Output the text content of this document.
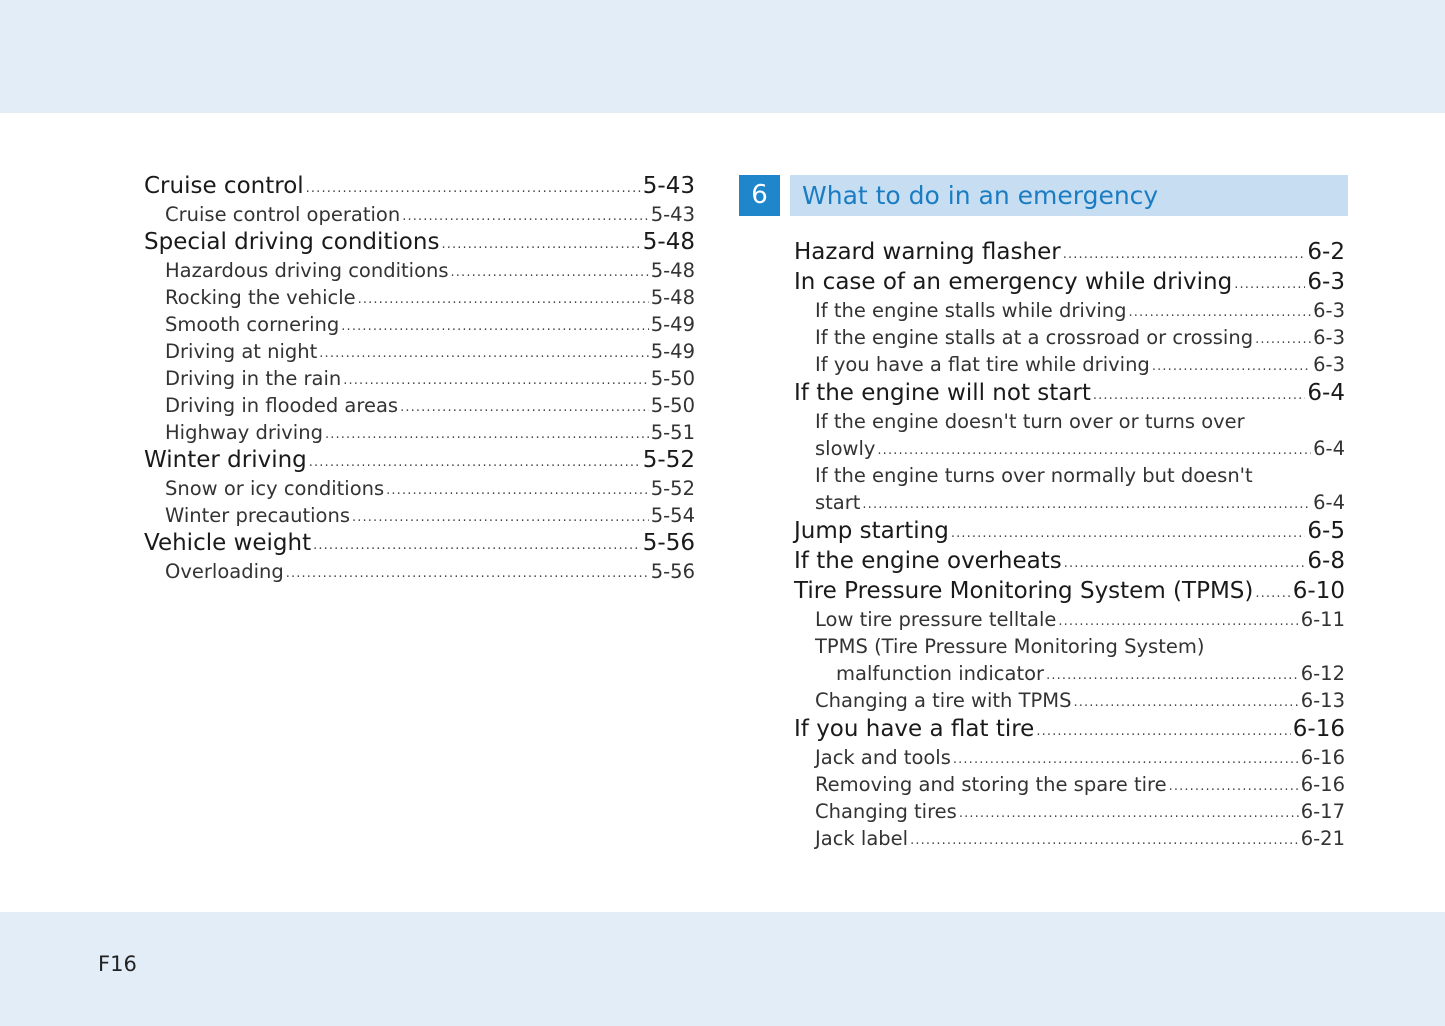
Cruise control . . .	5-43
Cruise control operation . . .	5-43
Special driving conditions . . .	5-48
Hazardous driving conditions . . .	5-48
Rocking the vehicle . . .	5-48
Smooth cornering . . .	5-49
Driving at night . . .	5-49
Driving in the rain . . .	5-50
Driving in flooded areas . . .	5-50
Highway driving . . .	5-51
Winter driving . . .	5-52
Snow or icy conditions . . .	5-52
Winter precautions . . .	5-54
Vehicle weight . . .	5-56
Overloading . . .	5-56
6	What to do in an emergency
Hazard warning flasher . . .	6-2
In case of an emergency while driving . . .	6-3
If the engine stalls while driving . . .	6-3
If the engine stalls at a crossroad or crossing . . .	6-3
If you have a flat tire while driving . . .	6-3
If the engine will not start . . .	6-4
If the engine doesn't turn over or turns over
slowly . . .	6-4
If the engine turns over normally but doesn't
start . . .	6-4
Jump starting . . .	6-5
If the engine overheats . . .	6-8
Tire Pressure Monitoring System (TPMS) . . . 6-10
Low tire pressure telltale . . .	6-11
TPMS (Tire Pressure Monitoring System)
malfunction indicator . . .	6-12
Changing a tire with TPMS . . .	6-13
If you have a flat tire . . .	6-16
Jack and tools . . .	6-16
Removing and storing the spare tire . . .	6-16
Changing tires . . .	6-17
Jack label . . .	6-21
F16
